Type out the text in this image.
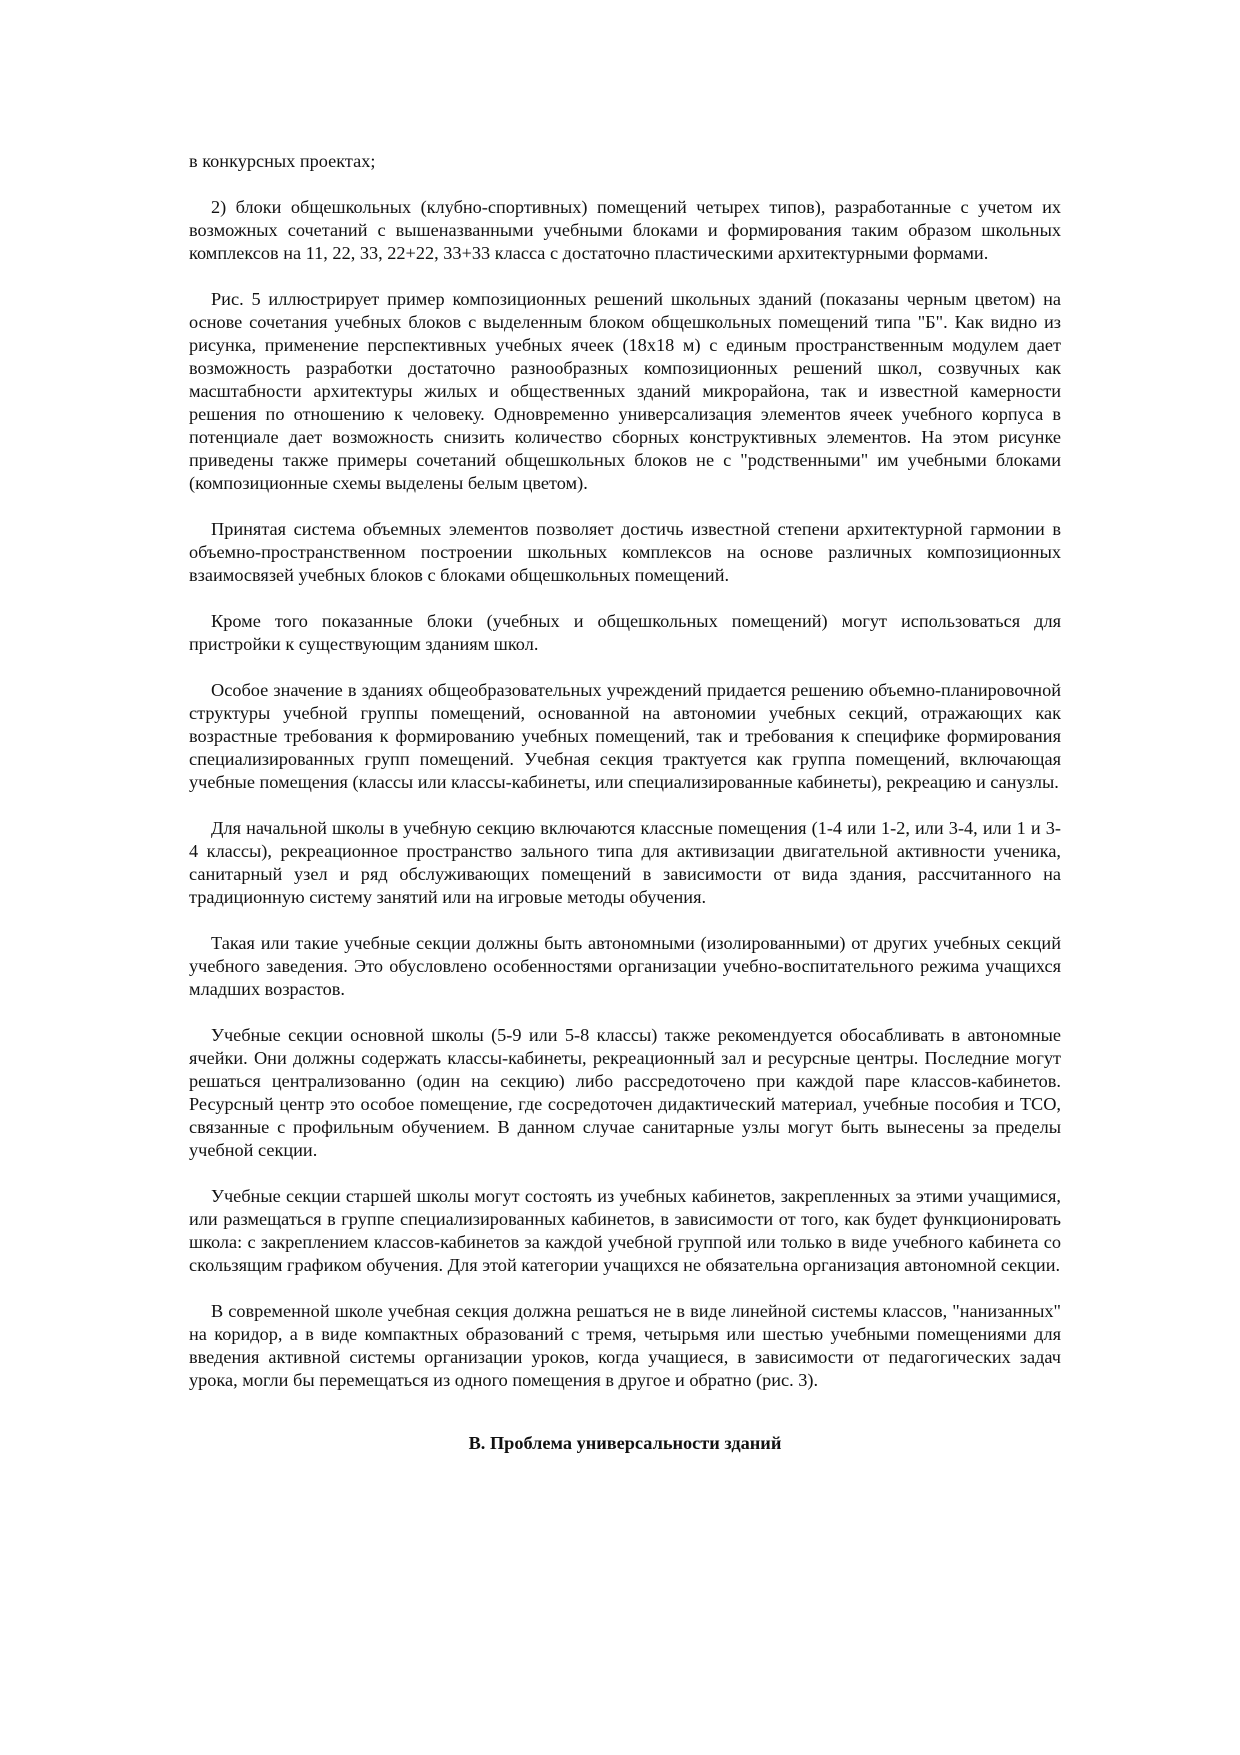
в конкурсных проектах;

2) блоки общешкольных (клубно-спортивных) помещений четырех типов), разработанные с учетом их возможных сочетаний с вышеназванными учебными блоками и формирования таким образом школьных комплексов на 11, 22, 33, 22+22, 33+33 класса с достаточно пластическими архитектурными формами.

Рис. 5 иллюстрирует пример композиционных решений школьных зданий (показаны черным цветом) на основе сочетания учебных блоков с выделенным блоком общешкольных помещений типа "Б". Как видно из рисунка, применение перспективных учебных ячеек (18х18 м) с единым пространственным модулем дает возможность разработки достаточно разнообразных композиционных решений школ, созвучных как масштабности архитектуры жилых и общественных зданий микрорайона, так и известной камерности решения по отношению к человеку. Одновременно универсализация элементов ячеек учебного корпуса в потенциале дает возможность снизить количество сборных конструктивных элементов. На этом рисунке приведены также примеры сочетаний общешкольных блоков не с "родственными" им учебными блоками (композиционные схемы выделены белым цветом).

Принятая система объемных элементов позволяет достичь известной степени архитектурной гармонии в объемно-пространственном построении школьных комплексов на основе различных композиционных взаимосвязей учебных блоков с блоками общешкольных помещений.

Кроме того показанные блоки (учебных и общешкольных помещений) могут использоваться для пристройки к существующим зданиям школ.

Особое значение в зданиях общеобразовательных учреждений придается решению объемно-планировочной структуры учебной группы помещений, основанной на автономии учебных секций, отражающих как возрастные требования к формированию учебных помещений, так и требования к специфике формирования специализированных групп помещений. Учебная секция трактуется как группа помещений, включающая учебные помещения (классы или классы-кабинеты, или специализированные кабинеты), рекреацию и санузлы.

Для начальной школы в учебную секцию включаются классные помещения (1-4 или 1-2, или 3-4, или 1 и 3-4 классы), рекреационное пространство зального типа для активизации двигательной активности ученика, санитарный узел и ряд обслуживающих помещений в зависимости от вида здания, рассчитанного на традиционную систему занятий или на игровые методы обучения.

Такая или такие учебные секции должны быть автономными (изолированными) от других учебных секций учебного заведения. Это обусловлено особенностями организации учебно-воспитательного режима учащихся младших возрастов.

Учебные секции основной школы (5-9 или 5-8 классы) также рекомендуется обосабливать в автономные ячейки. Они должны содержать классы-кабинеты, рекреационный зал и ресурсные центры. Последние могут решаться централизованно (один на секцию) либо рассредоточено при каждой паре классов-кабинетов. Ресурсный центр это особое помещение, где сосредоточен дидактический материал, учебные пособия и ТСО, связанные с профильным обучением. В данном случае санитарные узлы могут быть вынесены за пределы учебной секции.

Учебные секции старшей школы могут состоять из учебных кабинетов, закрепленных за этими учащимися, или размещаться в группе специализированных кабинетов, в зависимости от того, как будет функционировать школа: с закреплением классов-кабинетов за каждой учебной группой или только в виде учебного кабинета со скользящим графиком обучения. Для этой категории учащихся не обязательна организация автономной секции.

В современной школе учебная секция должна решаться не в виде линейной системы классов, "нанизанных" на коридор, а в виде компактных образований с тремя, четырьмя или шестью учебными помещениями для введения активной системы организации уроков, когда учащиеся, в зависимости от педагогических задач урока, могли бы перемещаться из одного помещения в другое и обратно (рис. 3).

В. Проблема универсальности зданий
